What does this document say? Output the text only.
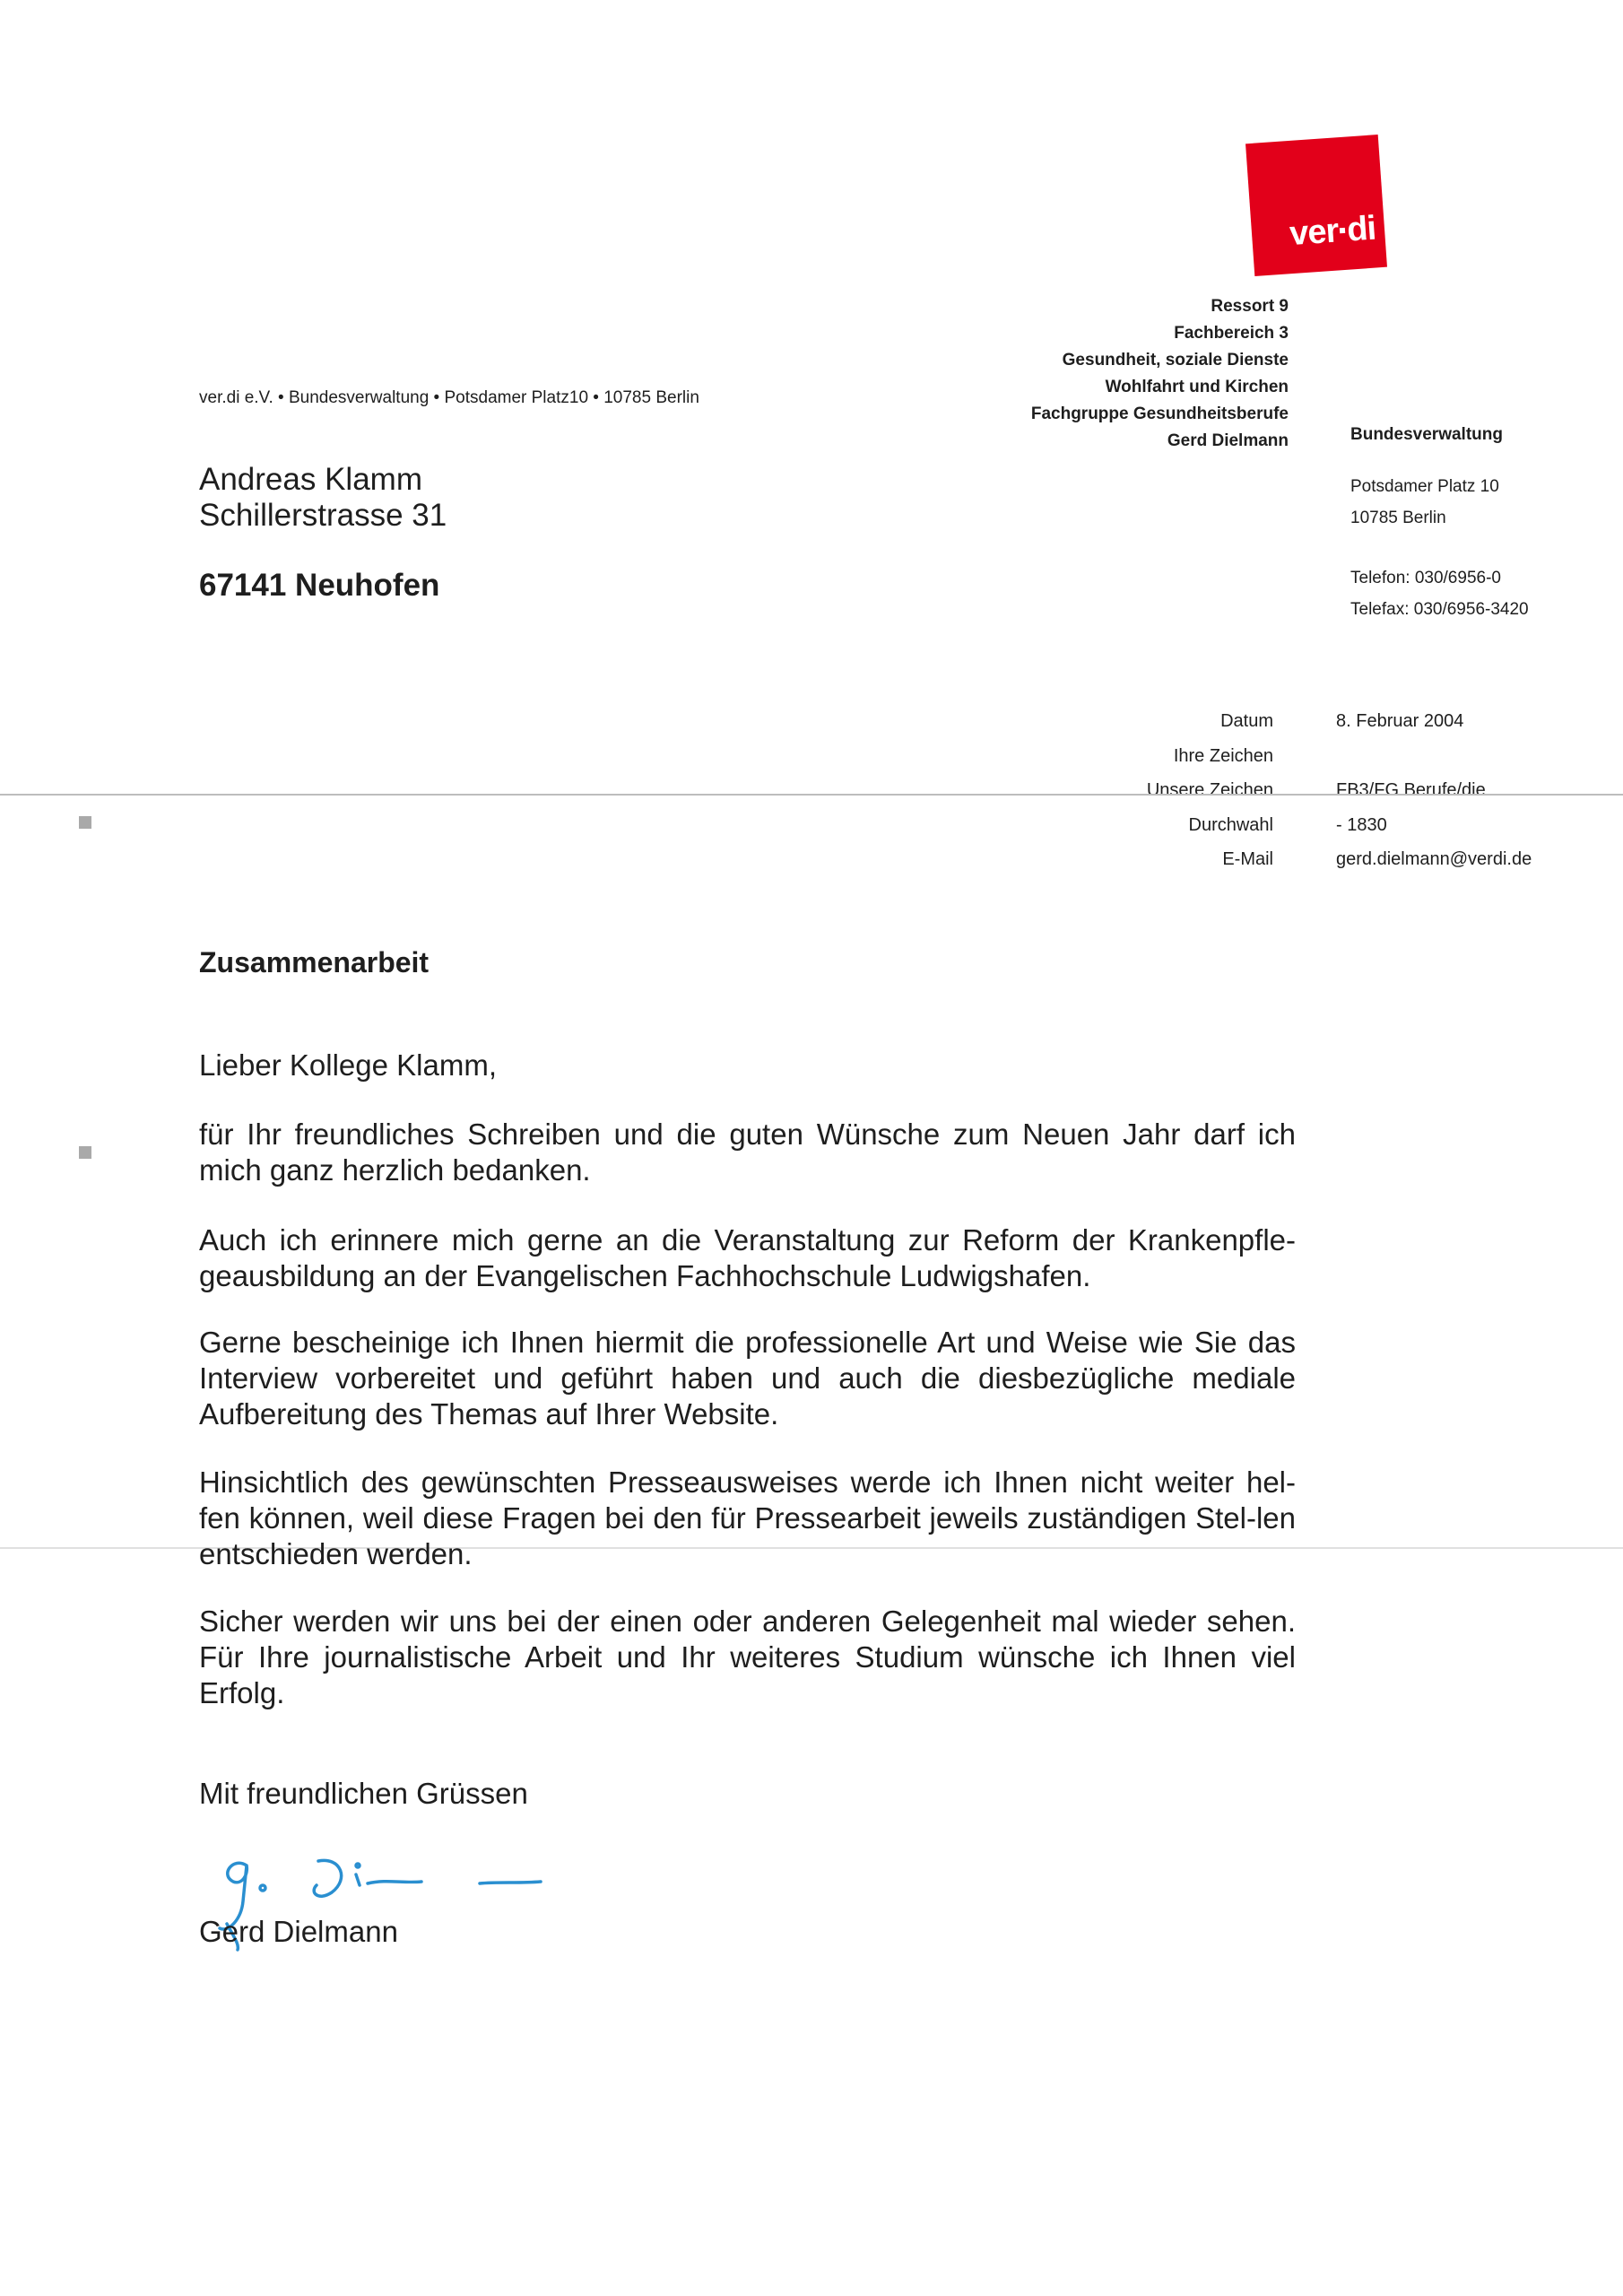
ver di
ver.di e.V. • Bundesverwaltung • Potsdamer Platz10 • 10785 Berlin
Ressort 9
Fachbereich 3
Gesundheit, soziale Dienste
Wohlfahrt und Kirchen
Fachgruppe Gesundheitsberufe
Gerd Dielmann	Bundesverwaltung
Potsdamer Platz 10
10785 Berlin
Telefon: 030/6956-0
Telefax: 030/6956-3420
Andreas Klamm
Schillerstrasse 31
67141 Neuhofen
Datum
Ihre Zeichen
Unsere Zeichen
Durchwahl
E-Mail
8. Februar 2004
FB3/FG Berufe/die
- 1830
gerd.dielmann@verdi.de
Zusammenarbeit
Lieber Kollege Klamm,

für Ihr freundliches Schreiben und die guten Wünsche zum Neuen Jahr darf ich mich ganz herzlich bedanken.

Auch ich erinnere mich gerne an die Veranstaltung zur Reform der Krankenpfle-geausbildung an der Evangelischen Fachhochschule Ludwigshafen.

Gerne bescheinige ich Ihnen hiermit die professionelle Art und Weise wie Sie das Interview vorbereitet und geführt haben und auch die diesbezügliche mediale Aufbereitung des Themas auf Ihrer Website.

Hinsichtlich des gewünschten Presseausweises werde ich Ihnen nicht weiter hel-fen können, weil diese Fragen bei den für Pressearbeit jeweils zuständigen Stel-len entschieden werden.

Sicher werden wir uns bei der einen oder anderen Gelegenheit mal wieder sehen. Für Ihre journalistische Arbeit und Ihr weiteres Studium wünsche ich Ihnen viel Erfolg.

Mit freundlichen Grüssen
Gerd Dielmann
